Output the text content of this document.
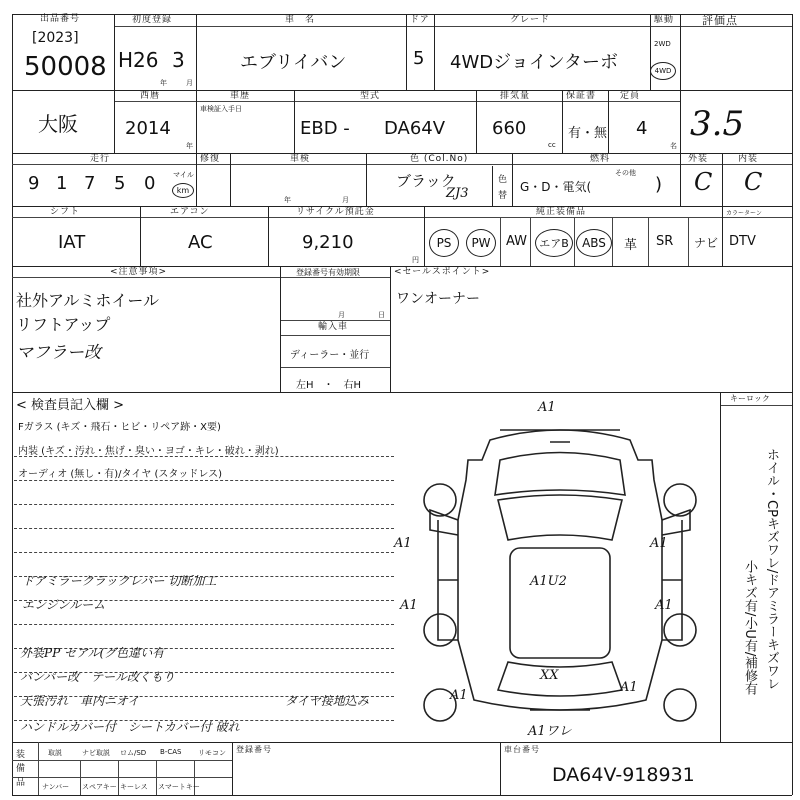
出品番号
[2023]
50008
初度登録
H26 3
年	月
車　名
エブリイバン
ドア
5
グレード
4WDジョインターボ
駆動
2WD
4WD
評価点
3.5
大阪
西暦
2014
年
車歴
車検証入手日
型式
EBD - DA64V
排気量
660
cc
保証書
有・無
定員
4
名
走行
9 1 7 5 0	マイル
km
修復	車検
年	月
色 (Col.No)
ブラック
ZJ3
色
替
燃料
G・D・電気(
その他
)
外装
C
内装
C
シフト
IAT
エアコン
AC
リサイクル預託金
9,210
円
純正装備品	カラーターン
PS PW AW エアB ABS 革 SR ナビ DTV
<注意事項>
社外アルミホイール
リフトアップ
マフラー改
登録番号有効期限
月	日
輸入車
ディーラー・並行
左H　・　右H
<セールスポイント>
ワンオーナー
< 検査員記入欄 >
Fガラス (キズ・飛石・ヒビ・リペア跡・X要)
内装 (キズ・汚れ・焦げ・臭い・ヨゴ・キレ・破れ・剥れ)
オーディオ (無し・有)/タイヤ (スタッドレス)
ドアミラークラックレバー 切断加工
エンジンルーム
外装PP セアル(グ色違い有
バンパー改　テール改くもり
天張汚れ　車内ニオイ	タイヤ接地込み
ハンドルカバー付　シートカバー付 破れ
キーロック
A1
A1	A1
A1U2
A1	A1
XX
A1
A1ワレ
A1	ホイル・CPキズワレ/ドアミラーキズワレ
小キズ有/小U有/補修有
装備品
取説	ナビ取説 ロム/SD B-CAS リモコン
ナンバー スペアキー キーレス スマートキー
登録番号	車台番号
DA64V-918931
